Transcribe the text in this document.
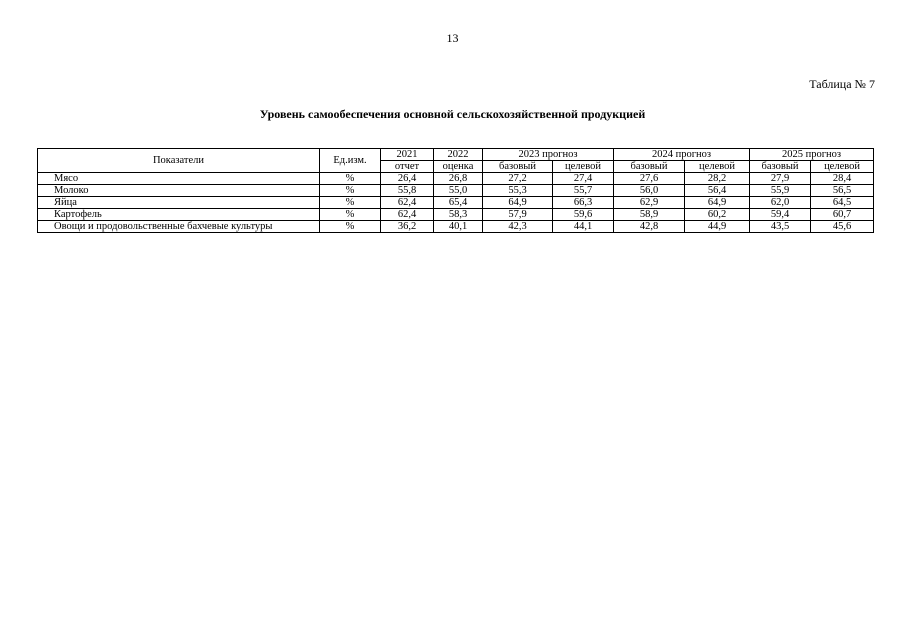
13
Таблица № 7
Уровень самообеспечения основной сельскохозяйственной продукцией
Показатели	Ед.изм.	2021	2022	2023 прогноз		2024 прогноз		2025 прогноз	
		отчет	оценка	базовый	целевой	базовый	целевой	базовый	целевой
Мясо	%	26,4	26,8	27,2	27,4	27,6	28,2	27,9	28,4
Молоко	%	55,8	55,0	55,3	55,7	56,0	56,4	55,9	56,5
Яйца	%	62,4	65,4	64,9	66,3	62,9	64,9	62,0	64,5
Картофель	%	62,4	58,3	57,9	59,6	58,9	60,2	59,4	60,7
Овощи и продовольственные бахчевые культуры	%	36,2	40,1	42,3	44,1	42,8	44,9	43,5	45,6
